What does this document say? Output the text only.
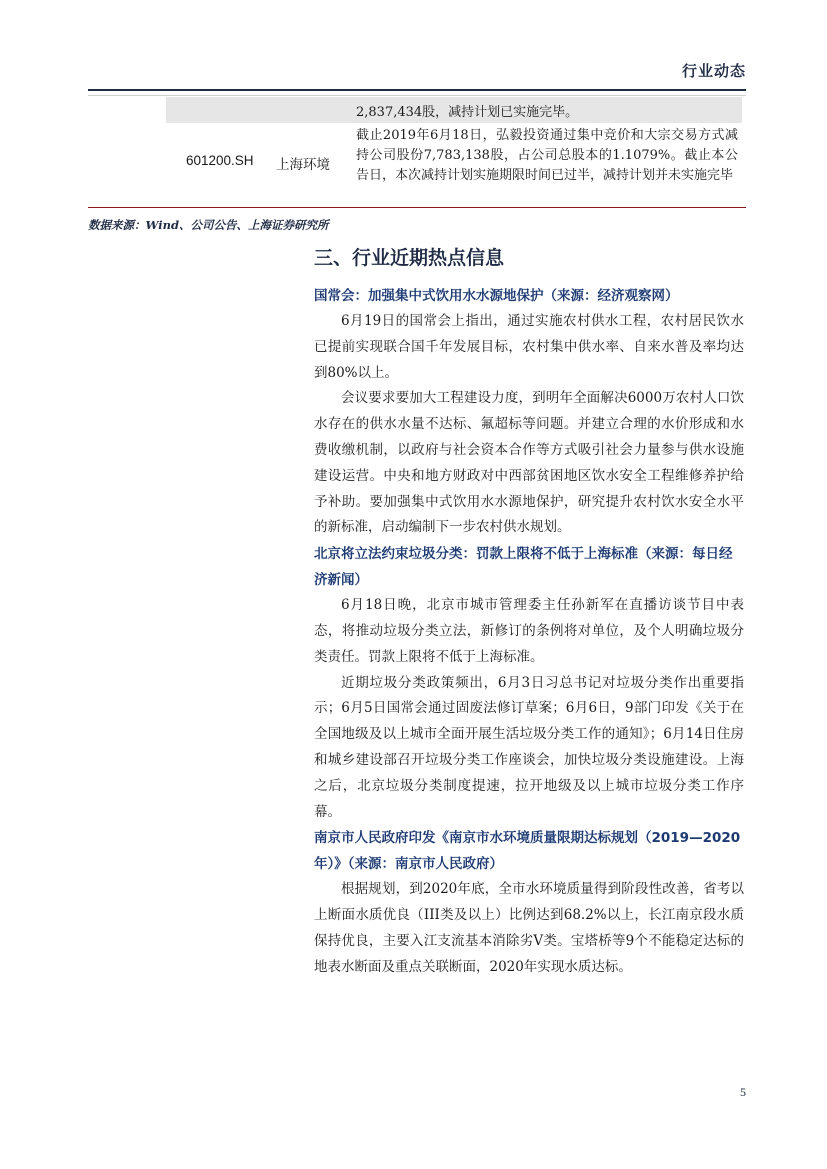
行业动态
2,837,434股，减持计划已实施完毕。
601200.SH 上海环境
截止2019年6月18日，弘毅投资通过集中竞价和大宗交易方式减持公司股份7,783,138股，占公司总股本的1.1079%。截止本公告日，本次减持计划实施期限时间已过半，减持计划并未实施完毕
数据来源：Wind、公司公告、上海证券研究所
三、行业近期热点信息
国常会：加强集中式饮用水水源地保护（来源：经济观察网）

6月19日的国常会上指出，通过实施农村供水工程，农村居民饮水已提前实现联合国千年发展目标，农村集中供水率、自来水普及率均达到80%以上。

会议要求要加大工程建设力度，到明年全面解决6000万农村人口饮水存在的供水水量不达标、氟超标等问题。并建立合理的水价形成和水费收缴机制，以政府与社会资本合作等方式吸引社会力量参与供水设施建设运营。中央和地方财政对中西部贫困地区饮水安全工程维修养护给予补助。要加强集中式饮用水水源地保护，研究提升农村饮水安全水平的新标准，启动编制下一步农村供水规划。

北京将立法约束垃圾分类：罚款上限将不低于上海标准（来源：每日经济新闻）

6月18日晚，北京市城市管理委主任孙新军在直播访谈节目中表态，将推动垃圾分类立法，新修订的条例将对单位，及个人明确垃圾分类责任。罚款上限将不低于上海标准。

近期垃圾分类政策频出，6月3日习总书记对垃圾分类作出重要指示；6月5日国常会通过固废法修订草案；6月6日，9部门印发《关于在全国地级及以上城市全面开展生活垃圾分类工作的通知》；6月14日住房和城乡建设部召开垃圾分类工作座谈会，加快垃圾分类设施建设。上海之后，北京垃圾分类制度提速，拉开地级及以上城市垃圾分类工作序幕。

南京市人民政府印发《南京市水环境质量限期达标规划（2019—2020年）》（来源：南京市人民政府）

根据规划，到2020年底，全市水环境质量得到阶段性改善，省考以上断面水质优良（III类及以上）比例达到68.2%以上，长江南京段水质保持优良，主要入江支流基本消除劣V类。宝塔桥等9个不能稳定达标的地表水断面及重点关联断面，2020年实现水质达标。

5
